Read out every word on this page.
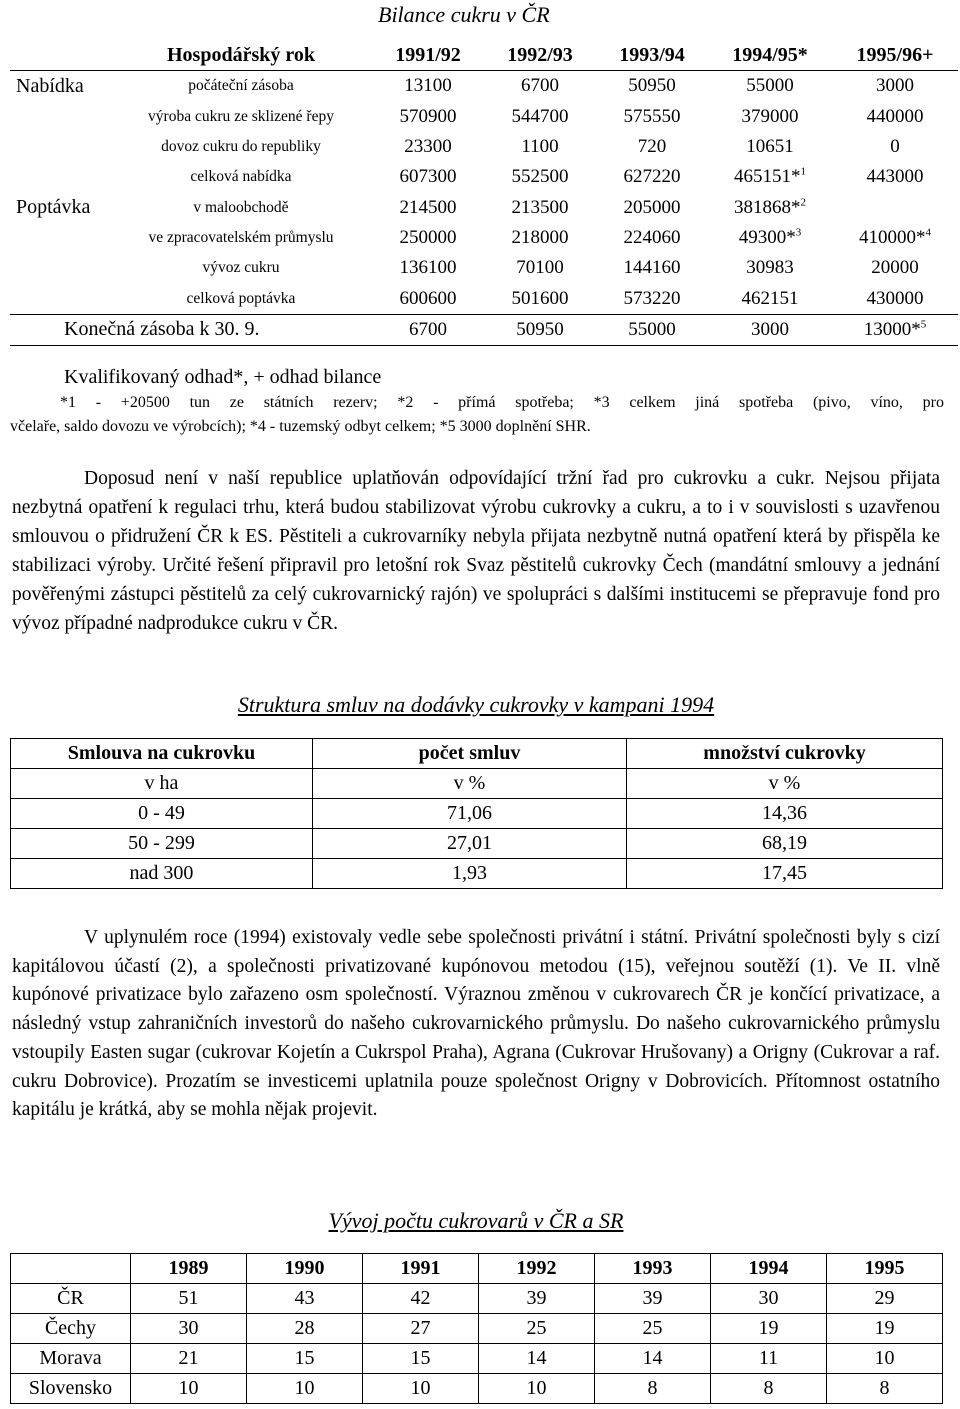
Bilance cukru v ČR
	Hospodářský rok	1991/92	1992/93	1993/94	1994/95*	1995/96+
Nabídka	počáteční zásoba	13100	6700	50950	55000	3000
	výroba cukru ze sklizené řepy	570900	544700	575550	379000	440000
	dovoz cukru do republiky	23300	1100	720	10651	0
	celková nabídka	607300	552500	627220	465151*$^1$	443000
Poptávka	v maloobchodě	214500	213500	205000	381868*$^2$	
	ve zpracovatelském průmyslu	250000	218000	224060	49300*$^3$	410000*$^4$
	vývoz cukru	136100	70100	144160	30983	20000
	celková poptávka	600600	501600	573220	462151	430000
Konečná zásoba k 30. 9.		6700	50950	55000	3000	13000*$^5$
Kvalifikovaný odhad*, + odhad bilance
*1 - +20500 tun ze státních rezerv; *2 - přímá spotřeba; *3 celkem jiná spotřeba (pivo, víno, pro
včelaře, saldo dovozu ve výrobcích); *4 - tuzemský odbyt celkem; *5 3000 doplnění SHR.
Doposud není v naší republice uplatňován odpovídající tržní řad pro cukrovku a cukr. Nejsou přijata nezbytná opatření k regulaci trhu, která budou stabilizovat výrobu cukrovky a cukru, a to i v souvislosti s uzavřenou smlouvou o přidružení ČR k ES. Pěstiteli a cukrovarníky nebyla přijata nezbytně nutná opatření která by přispěla ke stabilizaci výroby. Určité řešení připravil pro letošní rok Svaz pěstitelů cukrovky Čech (mandátní smlouvy a jednání pověřenými zástupci pěstitelů za celý cukrovarnický rajón) ve spolupráci s dalšími institucemi se přepravuje fond pro vývoz případné nadprodukce cukru v ČR.
Struktura smluv na dodávky cukrovky v kampani 1994
Smlouva na cukrovku	počet smluv	množství cukrovky
v ha	v %	v %
0 - 49	71,06	14,36
50 - 299	27,01	68,19
nad 300	1,93	17,45
V uplynulém roce (1994) existovaly vedle sebe společnosti privátní i státní. Privátní společnosti byly s cizí kapitálovou účastí (2), a společnosti privatizované kupónovou metodou (15), veřejnou soutěží (1). Ve II. vlně kupónové privatizace bylo zařazeno osm společností. Výraznou změnou v cukrovarech ČR je končící privatizace, a následný vstup zahraničních investorů do našeho cukrovarnického průmyslu. Do našeho cukrovarnického průmyslu vstoupily Easten sugar (cukrovar Kojetín a Cukrspol Praha), Agrana (Cukrovar Hrušovany) a Origny (Cukrovar a raf. cukru Dobrovice). Prozatím se investicemi uplatnila pouze společnost Origny v Dobrovicích. Přítomnost ostatního kapitálu je krátká, aby se mohla nějak projevit.
Vývoj počtu cukrovarů v ČR a SR
	1989	1990	1991	1992	1993	1994	1995
ČR	51	43	42	39	39	30	29
Čechy	30	28	27	25	25	19	19
Morava	21	15	15	14	14	11	10
Slovensko	10	10	10	10	8	8	8
